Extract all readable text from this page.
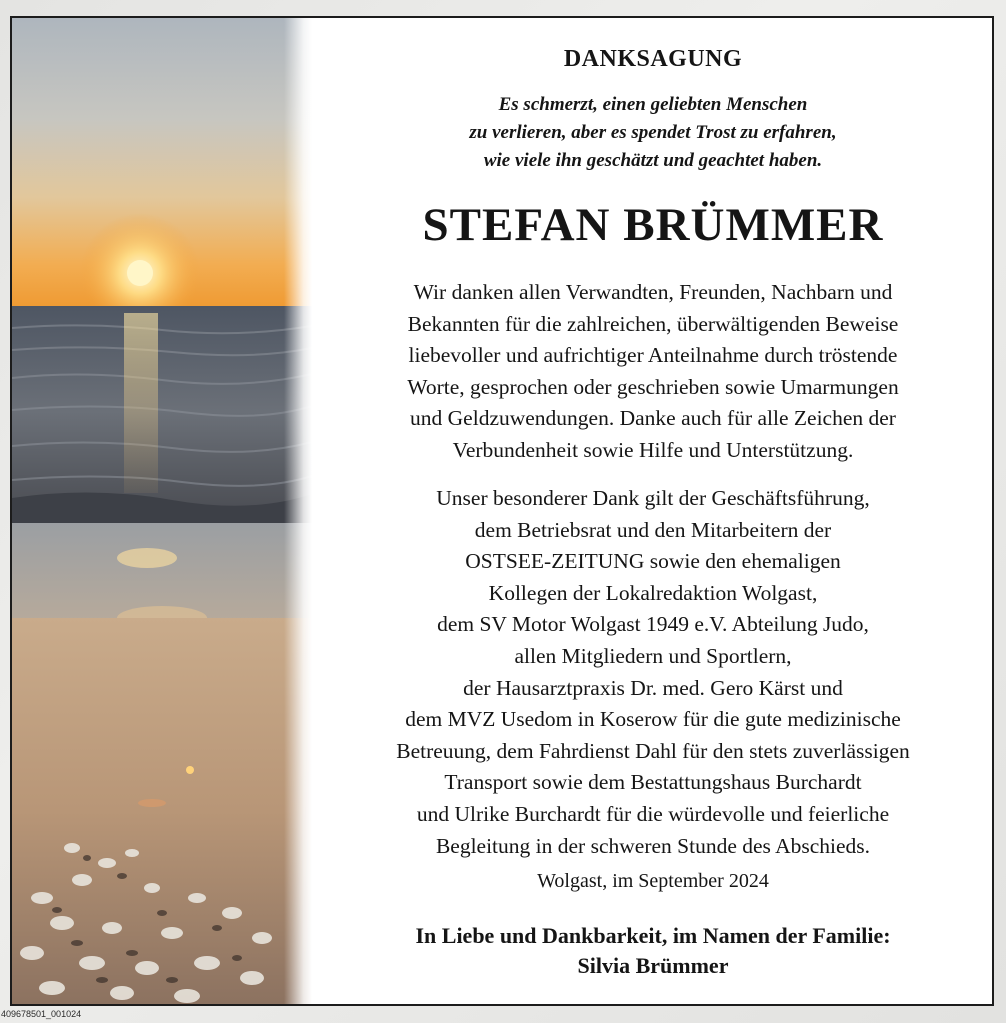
DANKSAGUNG
Es schmerzt, einen geliebten Menschen
zu verlieren, aber es spendet Trost zu erfahren,
wie viele ihn geschätzt und geachtet haben.
STEFAN BRÜMMER
Wir danken allen Verwandten, Freunden, Nachbarn und
Bekannten für die zahlreichen, überwältigenden Beweise
liebevoller und aufrichtiger Anteilnahme durch tröstende
Worte, gesprochen oder geschrieben sowie Umarmungen
und Geldzuwendungen. Danke auch für alle Zeichen der
Verbundenheit sowie Hilfe und Unterstützung.
Unser besonderer Dank gilt der Geschäftsführung,
dem Betriebsrat und den Mitarbeitern der
OSTSEE-ZEITUNG sowie den ehemaligen
Kollegen der Lokalredaktion Wolgast,
dem SV Motor Wolgast 1949 e.V. Abteilung Judo,
allen Mitgliedern und Sportlern,
der Hausarztpraxis Dr. med. Gero Kärst und
dem MVZ Usedom in Koserow für die gute medizinische
Betreuung, dem Fahrdienst Dahl für den stets zuverlässigen
Transport sowie dem Bestattungshaus Burchardt
und Ulrike Burchardt für die würdevolle und feierliche
Begleitung in der schweren Stunde des Abschieds.
Wolgast, im September 2024
In Liebe und Dankbarkeit, im Namen der Familie:
Silvia Brümmer
409678501_001024
